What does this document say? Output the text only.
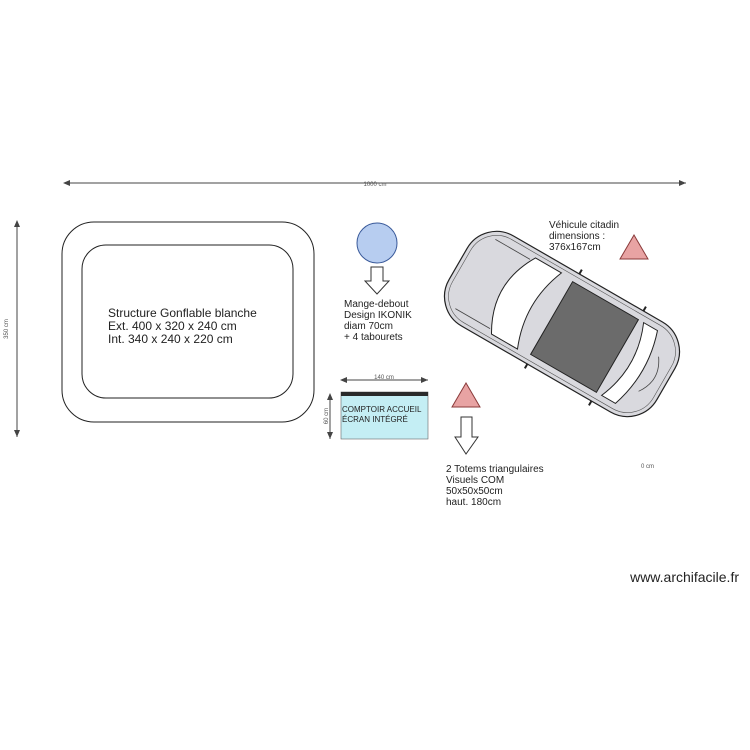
1000 cm
350 cm
Structure Gonflable blanche
Ext. 400 x 320 x 240 cm
Int. 340 x 240 x 220 cm
Mange-debout
Design IKONIK
diam 70cm
+ 4 tabourets
140 cm
60 cm COMPTOIR ACCUEIL
ÉCRAN INTÉGRÉ
2 Totems triangulaires
Visuels COM
50x50x50cm
haut. 180cm
Véhicule citadin
dimensions :
376x167cm
0 cm
www.archifacile.fr
